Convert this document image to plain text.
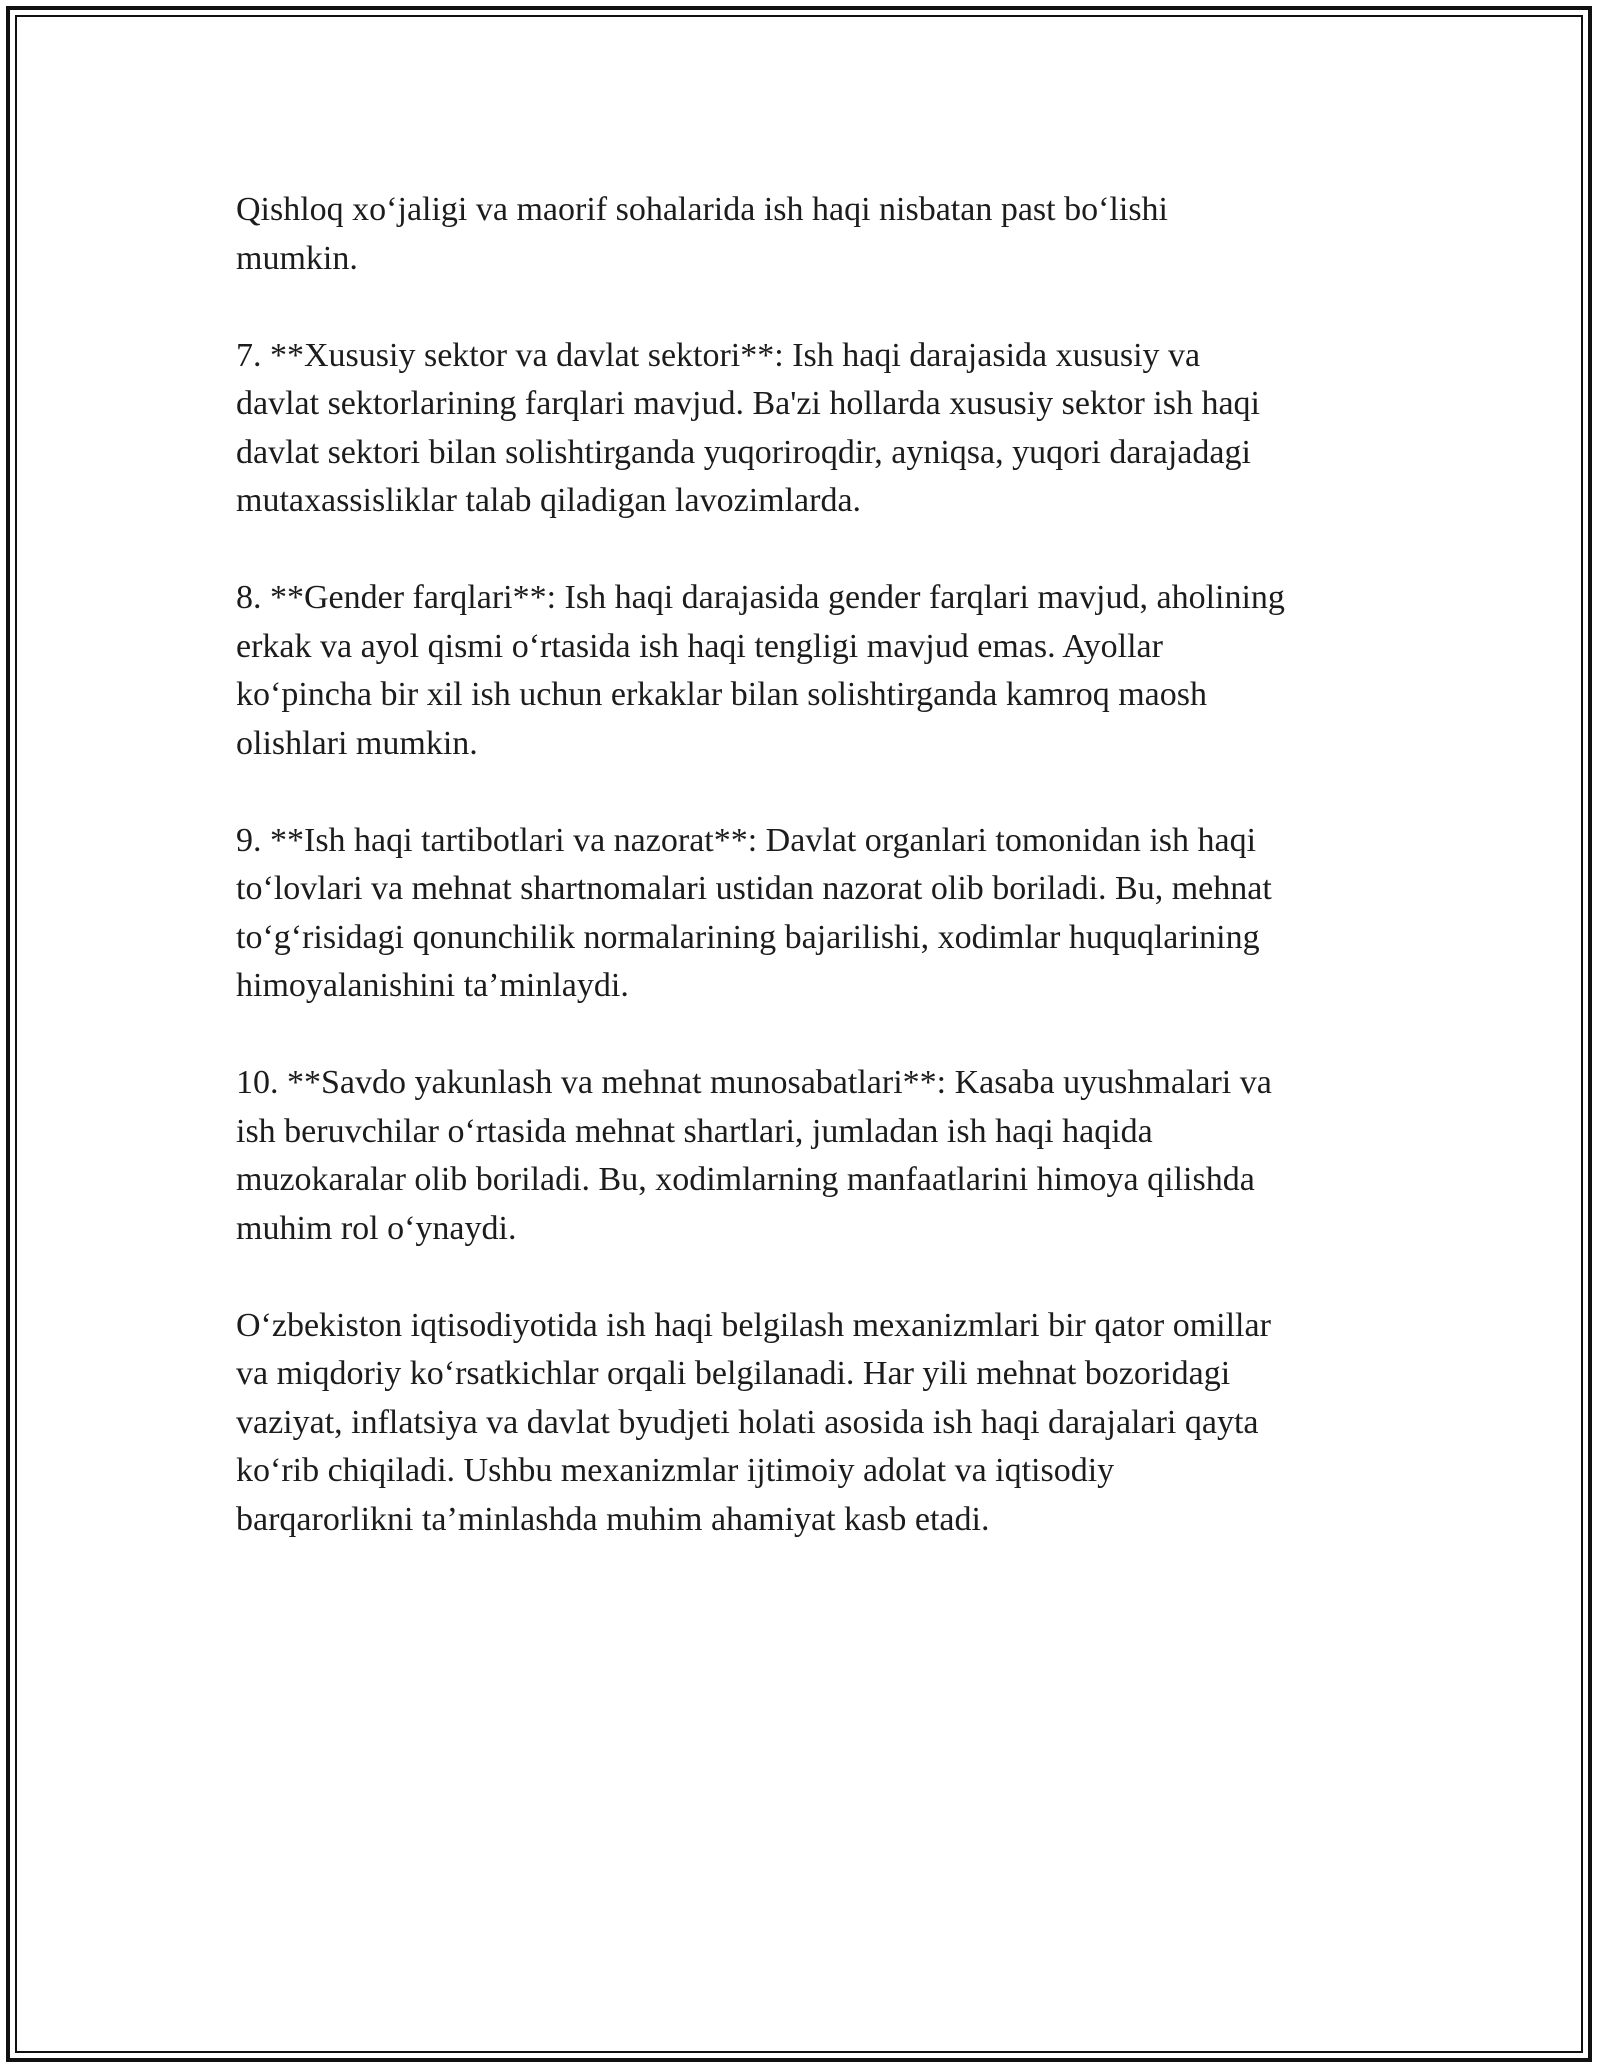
Qishloq xo‘jaligi va maorif sohalarida ish haqi nisbatan past bo‘lishi
mumkin.

7. **Xususiy sektor va davlat sektori**: Ish haqi darajasida xususiy va
davlat sektorlarining farqlari mavjud. Ba'zi hollarda xususiy sektor ish haqi
davlat sektori bilan solishtirganda yuqoriroqdir, ayniqsa, yuqori darajadagi
mutaxassisliklar talab qiladigan lavozimlarda.

8. **Gender farqlari**: Ish haqi darajasida gender farqlari mavjud, aholining
erkak va ayol qismi o‘rtasida ish haqi tengligi mavjud emas. Ayollar
ko‘pincha bir xil ish uchun erkaklar bilan solishtirganda kamroq maosh
olishlari mumkin.

9. **Ish haqi tartibotlari va nazorat**: Davlat organlari tomonidan ish haqi
to‘lovlari va mehnat shartnomalari ustidan nazorat olib boriladi. Bu, mehnat
to‘g‘risidagi qonunchilik normalarining bajarilishi, xodimlar huquqlarining
himoyalanishini ta’minlaydi.

10. **Savdo yakunlash va mehnat munosabatlari**: Kasaba uyushmalari va
ish beruvchilar o‘rtasida mehnat shartlari, jumladan ish haqi haqida
muzokaralar olib boriladi. Bu, xodimlarning manfaatlarini himoya qilishda
muhim rol o‘ynaydi.

O‘zbekiston iqtisodiyotida ish haqi belgilash mexanizmlari bir qator omillar
va miqdoriy ko‘rsatkichlar orqali belgilanadi. Har yili mehnat bozoridagi
vaziyat, inflatsiya va davlat byudjeti holati asosida ish haqi darajalari qayta
ko‘rib chiqiladi. Ushbu mexanizmlar ijtimoiy adolat va iqtisodiy
barqarorlikni ta’minlashda muhim ahamiyat kasb etadi.
